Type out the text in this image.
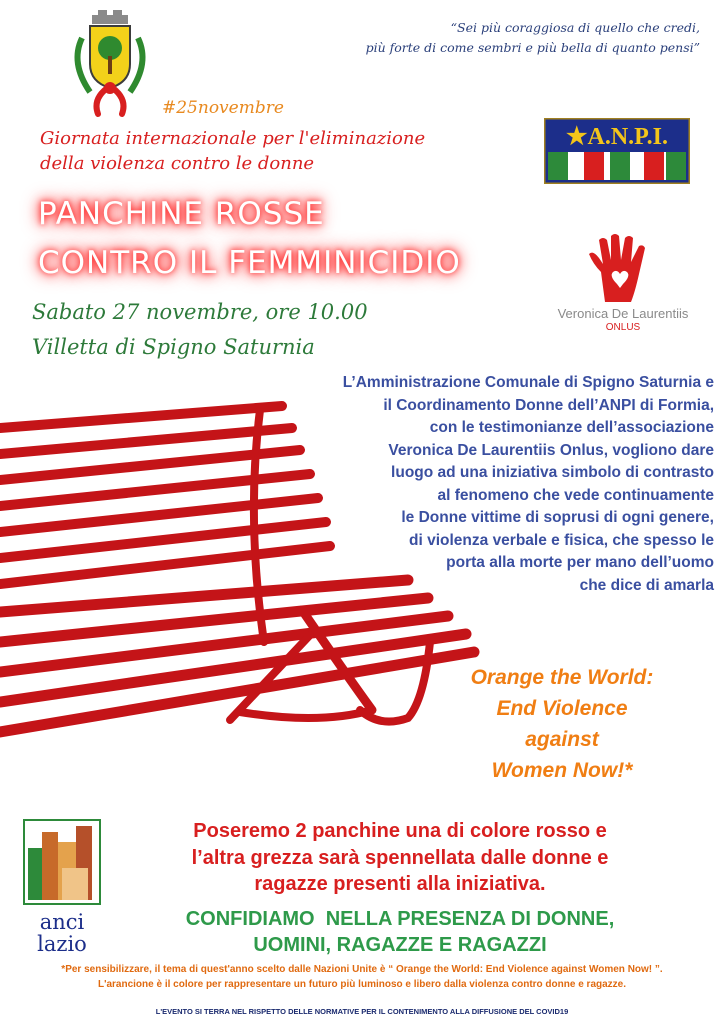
“Sei più coraggiosa di quello che credi,
più forte di come sembri e più bella di quanto pensi”
#25novembre
Giornata internazionale per l'eliminazione
della violenza contro le donne
PANCHINE ROSSE
CONTRO IL FEMMINICIDIO
★A.N.P.I.
Veronica De Laurentiis
ONLUS
Sabato 27 novembre, ore 10.00
Villetta di Spigno Saturnia
Orange the World:
End Violence
against
Women Now!*
L’Amministrazione Comunale di Spigno Saturnia e
il Coordinamento Donne dell’ANPI di Formia,
con le testimonianze dell’associazione
Veronica De Laurentiis Onlus, vogliono dare
luogo ad una iniziativa simbolo di contrasto
al fenomeno che vede continuamente
le Donne vittime di soprusi di ogni genere,
di violenza verbale e fisica, che spesso le
porta alla morte per mano dell’uomo
che dice di amarla
anci
lazio
Poseremo 2 panchine una di colore rosso e
l’altra grezza sarà spennellata dalle donne e
ragazze presenti alla iniziativa.
CONFIDIAMO  NELLA PRESENZA DI DONNE,
UOMINI, RAGAZZE E RAGAZZI
*Per sensibilizzare, il tema di quest'anno scelto dalle Nazioni Unite è “ Orange the World: End Violence against Women Now! ”.
L'arancione è il colore per rappresentare un futuro più luminoso e libero dalla violenza contro donne e ragazze.
L'EVENTO SI TERRA NEL RISPETTO DELLE NORMATIVE PER IL CONTENIMENTO ALLA DIFFUSIONE DEL COVID19
